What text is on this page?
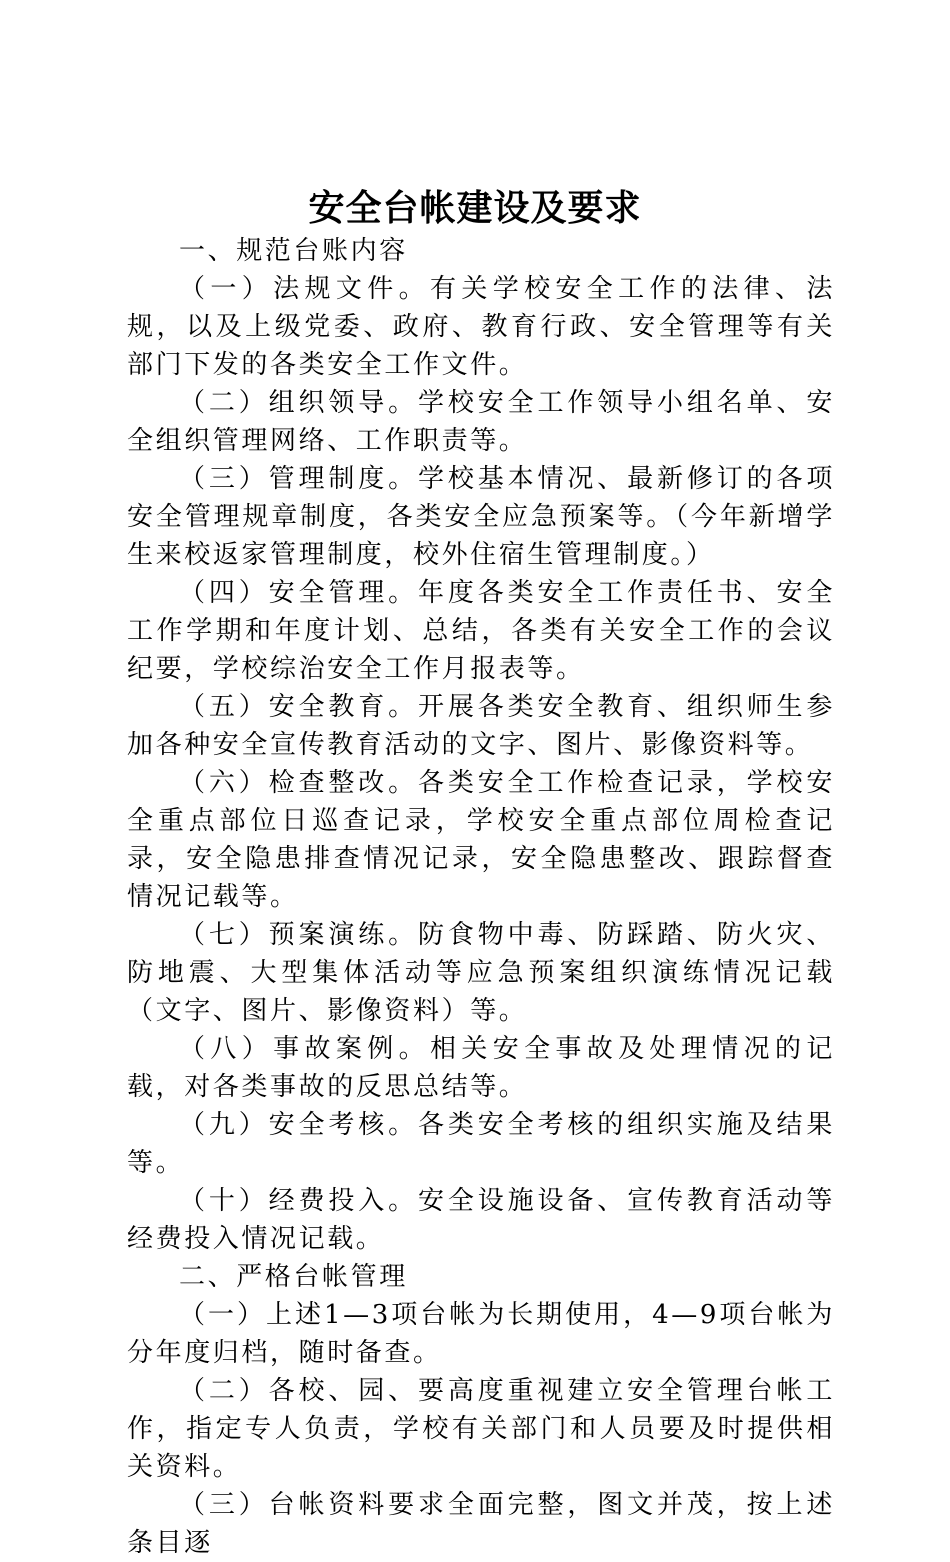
安全台帐建设及要求

一、规范台账内容

（一）法规文件。有关学校安全工作的法律、法规，以及上级党委、政府、教育行政、安全管理等有关部门下发的各类安全工作文件。

（二）组织领导。学校安全工作领导小组名单、安全组织管理网络、工作职责等。

（三）管理制度。学校基本情况、最新修订的各项安全管理规章制度，各类安全应急预案等。（今年新增学生来校返家管理制度，校外住宿生管理制度。）

（四）安全管理。年度各类安全工作责任书、安全工作学期和年度计划、总结，各类有关安全工作的会议纪要，学校综治安全工作月报表等。

（五）安全教育。开展各类安全教育、组织师生参加各种安全宣传教育活动的文字、图片、影像资料等。

（六）检查整改。各类安全工作检查记录，学校安全重点部位日巡查记录，学校安全重点部位周检查记录，安全隐患排查情况记录，安全隐患整改、跟踪督查情况记载等。

（七）预案演练。防食物中毒、防踩踏、防火灾、防地震、大型集体活动等应急预案组织演练情况记载（文字、图片、影像资料）等。

（八）事故案例。相关安全事故及处理情况的记载，对各类事故的反思总结等。

（九）安全考核。各类安全考核的组织实施及结果等。

（十）经费投入。安全设施设备、宣传教育活动等经费投入情况记载。

二、严格台帐管理

（一）上述1—3项台帐为长期使用，4—9项台帐为分年度归档，随时备查。

（二）各校、园、要高度重视建立安全管理台帐工作，指定专人负责，学校有关部门和人员要及时提供相关资料。

（三）台帐资料要求全面完整，图文并茂，按上述条目逐
